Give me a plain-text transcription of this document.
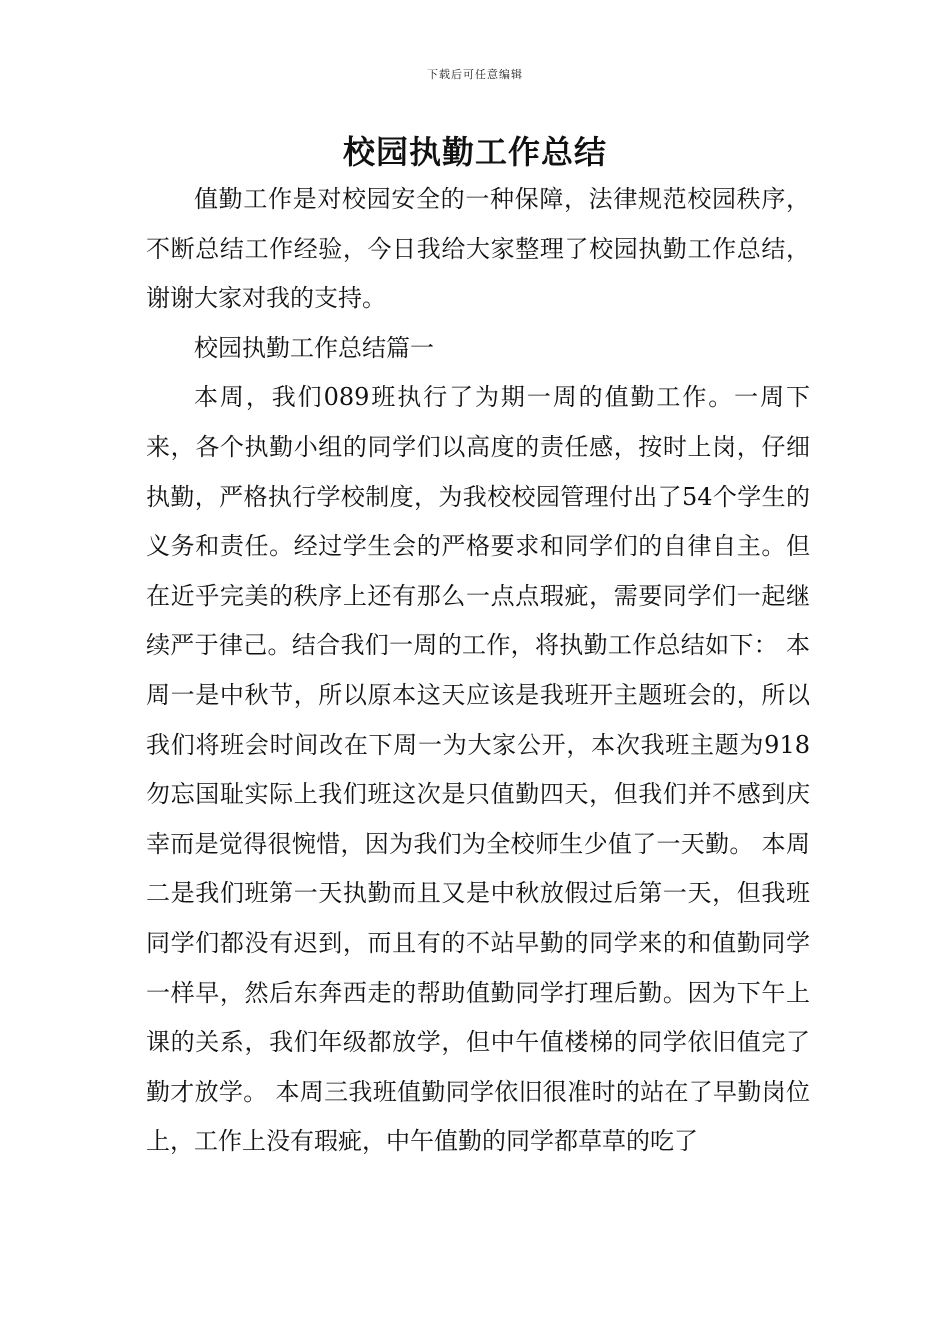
下载后可任意编辑
校园执勤工作总结

值勤工作是对校园安全的一种保障，法律规范校园秩序，不断总结工作经验，今日我给大家整理了校园执勤工作总结，谢谢大家对我的支持。

校园执勤工作总结篇一

本周，我们089班执行了为期一周的值勤工作。一周下来，各个执勤小组的同学们以高度的责任感，按时上岗，仔细执勤，严格执行学校制度，为我校校园管理付出了54个学生的义务和责任。经过学生会的严格要求和同学们的自律自主。但在近乎完美的秩序上还有那么一点点瑕疵，需要同学们一起继续严于律己。结合我们一周的工作，将执勤工作总结如下： 本周一是中秋节，所以原本这天应该是我班开主题班会的，所以我们将班会时间改在下周一为大家公开，本次我班主题为918勿忘国耻实际上我们班这次是只值勤四天，但我们并不感到庆幸而是觉得很惋惜，因为我们为全校师生少值了一天勤。 本周二是我们班第一天执勤而且又是中秋放假过后第一天，但我班同学们都没有迟到，而且有的不站早勤的同学来的和值勤同学一样早，然后东奔西走的帮助值勤同学打理后勤。因为下午上课的关系，我们年级都放学，但中午值楼梯的同学依旧值完了勤才放学。 本周三我班值勤同学依旧很准时的站在了早勤岗位上，工作上没有瑕疵，中午值勤的同学都草草的吃了
